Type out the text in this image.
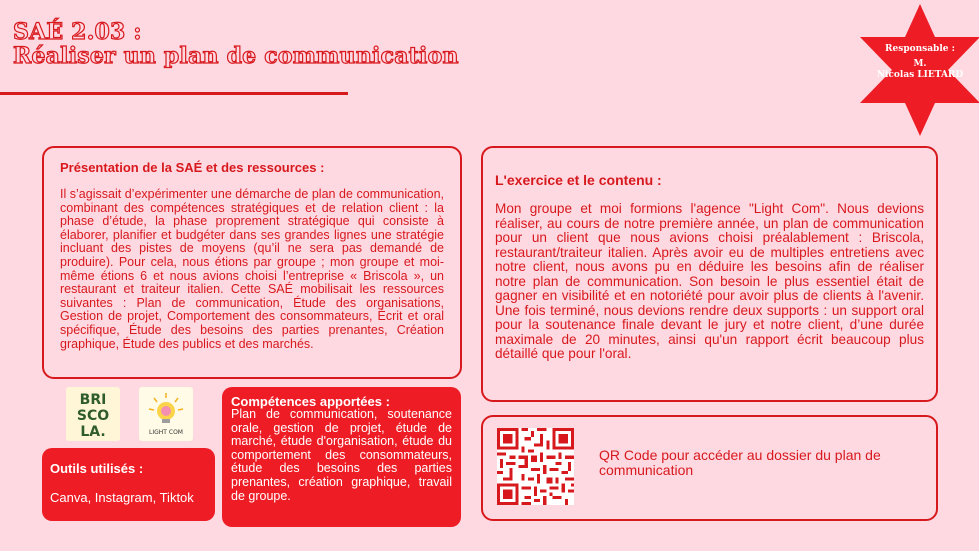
SAÉ 2.03 :
Réaliser un plan de communication	Responsable :
M.
Nicolas LIETARD

Présentation de la SAÉ et des ressources :

Il s’agissait d’expérimenter une démarche de plan de communication, combinant des compétences stratégiques et de relation client : la phase d’étude, la phase proprement stratégique qui consiste à élaborer, planifier et budgéter dans ses grandes lignes une stratégie incluant des pistes de moyens (qu’il ne sera pas demandé de produire). Pour cela, nous étions par groupe ; mon groupe et moi-même étions 6 et nous avions choisi l’entreprise « Briscola », un restaurant et traiteur italien. Cette SAÉ mobilisait les ressources suivantes : Plan de communication, Étude des organisations, Gestion de projet, Comportement des consommateurs, Écrit et oral spécifique, Étude des besoins des parties prenantes, Création graphique, Étude des publics et des marchés.

L'exercice et le contenu :

Mon groupe et moi formions l'agence "Light Com". Nous devions réaliser, au cours de notre première année, un plan de communication pour un client que nous avions choisi préalablement : Briscola, restaurant/traiteur italien. Après avoir eu de multiples entretiens avec notre client, nous avons pu en déduire les besoins afin de réaliser notre plan de communication. Son besoin le plus essentiel était de gagner en visibilité et en notoriété pour avoir plus de clients à l'avenir. Une fois terminé, nous devions rendre deux supports : un support oral pour la soutenance finale devant le jury et notre client, d’une durée maximale de 20 minutes, ainsi qu'un rapport écrit beaucoup plus détaillé que pour l'oral.

BRI
SCO
LA.	LIGHT COM

Outils utilisés :

Canva, Instagram, Tiktok

Compétences apportées :

Plan de communication, soutenance orale, gestion de projet, étude de marché, étude d'organisation, étude du comportement des consommateurs, étude des besoins des parties prenantes, création graphique, travail de groupe.

QR Code pour accéder au dossier du plan de communication
